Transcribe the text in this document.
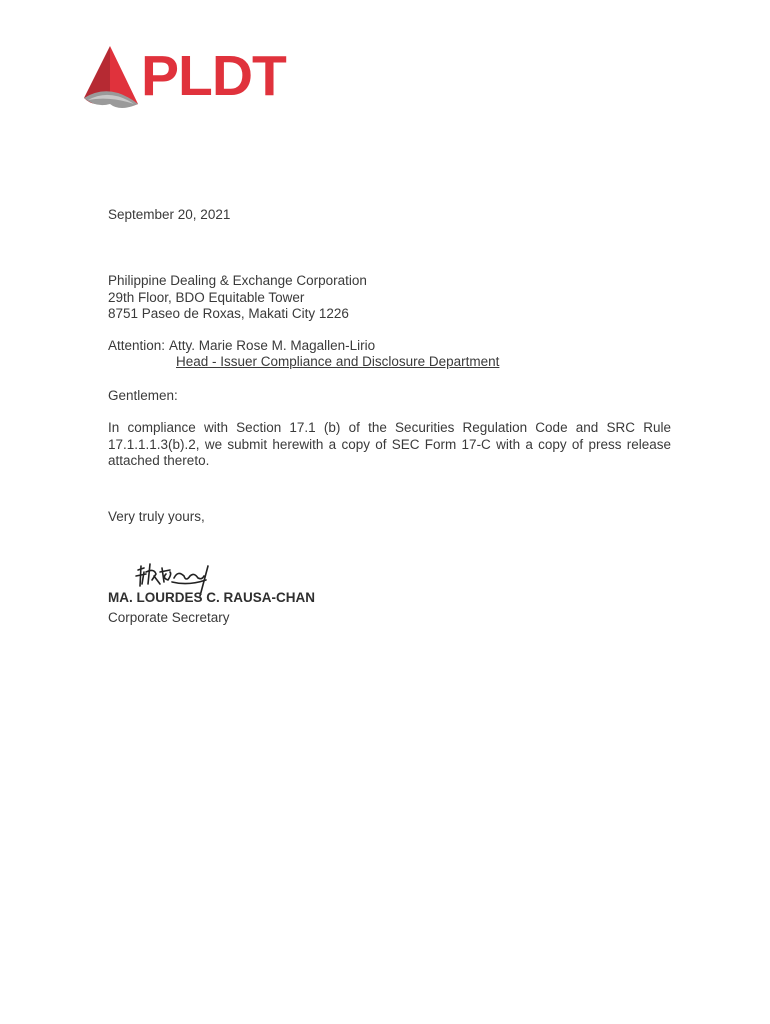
PLDT
September 20, 2021
Philippine Dealing & Exchange Corporation
29th Floor, BDO Equitable Tower
8751 Paseo de Roxas, Makati City 1226
Attention: Atty. Marie Rose M. Magallen-Lirio
Head - Issuer Compliance and Disclosure Department
Gentlemen:
In compliance with Section 17.1 (b) of the Securities Regulation Code and SRC Rule 17.1.1.1.3(b).2, we submit herewith a copy of SEC Form 17-C with a copy of press release attached thereto.
Very truly yours,
MA. LOURDES C. RAUSA-CHAN
Corporate Secretary
